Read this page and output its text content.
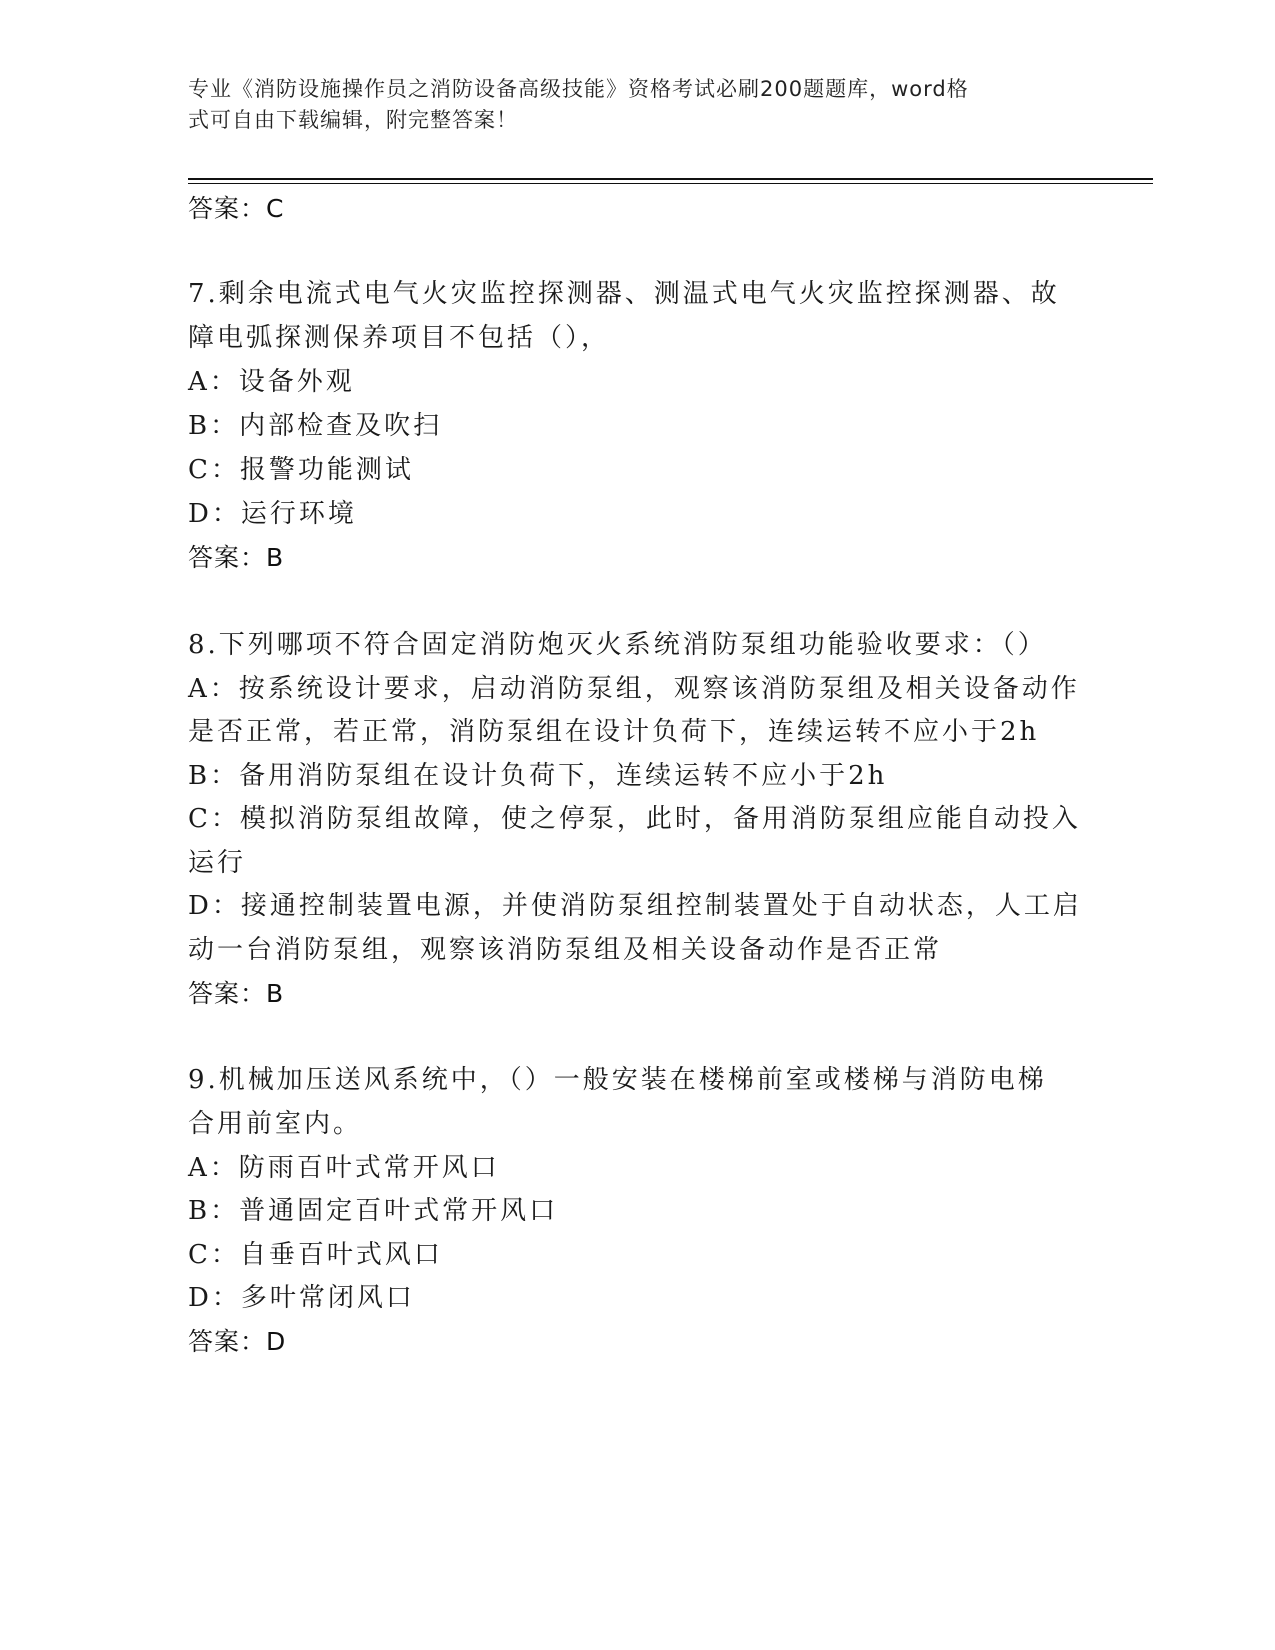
专业《消防设施操作员之消防设备高级技能》资格考试必刷200题题库，word格
式可自由下载编辑，附完整答案！
答案：C
7.剩余电流式电气火灾监控探测器、测温式电气火灾监控探测器、故
障电弧探测保养项目不包括（），
A：设备外观
B：内部检查及吹扫
C：报警功能测试
D：运行环境
答案：B
8.下列哪项不符合固定消防炮灭火系统消防泵组功能验收要求：（）
A：按系统设计要求，启动消防泵组，观察该消防泵组及相关设备动作
是否正常，若正常，消防泵组在设计负荷下，连续运转不应小于2h
B：备用消防泵组在设计负荷下，连续运转不应小于2h
C：模拟消防泵组故障，使之停泵，此时，备用消防泵组应能自动投入
运行
D：接通控制装置电源，并使消防泵组控制装置处于自动状态，人工启
动一台消防泵组，观察该消防泵组及相关设备动作是否正常
答案：B
9.机械加压送风系统中，（）一般安装在楼梯前室或楼梯与消防电梯
合用前室内。
A：防雨百叶式常开风口
B：普通固定百叶式常开风口
C：自垂百叶式风口
D：多叶常闭风口
答案：D
